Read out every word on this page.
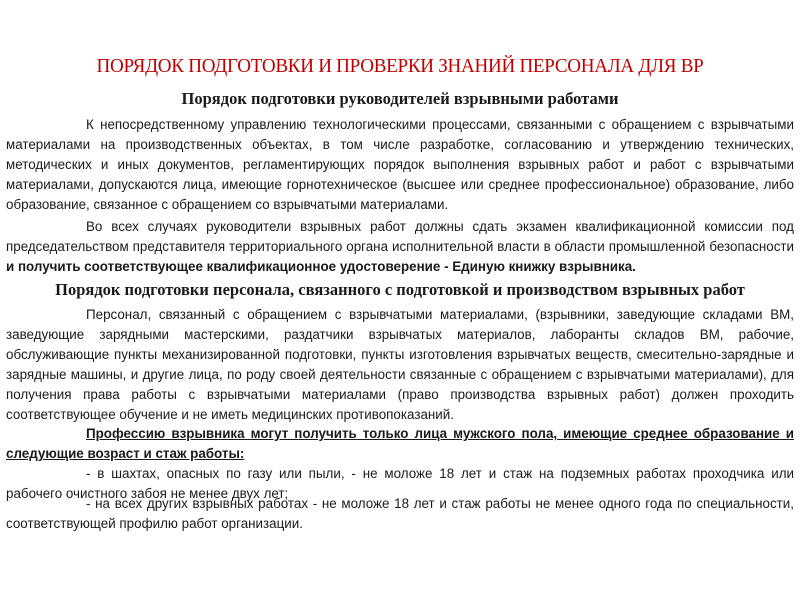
ПОРЯДОК ПОДГОТОВКИ И ПРОВЕРКИ ЗНАНИЙ ПЕРСОНАЛА ДЛЯ ВР
Порядок подготовки руководителей взрывными работами
К непосредственному управлению технологическими процессами, связанными с обращением с взрывчатыми материалами на производственных объектах, в том числе разработке, согласованию и утверждению технических, методических и иных документов, регламентирующих порядок выполнения взрывных работ и работ с взрывчатыми материалами, допускаются лица, имеющие горнотехническое (высшее или среднее профессиональное) образование, либо образование, связанное с обращением со взрывчатыми материалами.
Во всех случаях руководители взрывных работ должны сдать экзамен квалификационной комиссии под председательством представителя территориального органа исполнительной власти в области промышленной безопасности и получить соответствующее квалификационное удостоверение - Единую книжку взрывника.
Порядок подготовки персонала, связанного с подготовкой и производством взрывных работ
Персонал, связанный с обращением с взрывчатыми материалами, (взрывники, заведующие складами ВМ, заведующие зарядными мастерскими, раздатчики взрывчатых материалов, лаборанты складов ВМ, рабочие, обслуживающие пункты механизированной подготовки, пункты изготовления взрывчатых веществ, смесительно-зарядные и зарядные машины, и другие лица, по роду своей деятельности связанные с обращением с взрывчатыми материалами), для получения права работы с взрывчатыми материалами (право производства взрывных работ) должен проходить соответствующее обучение и не иметь медицинских противопоказаний.
Профессию взрывника могут получить только лица мужского пола, имеющие среднее образование и следующие возраст и стаж работы:
- в шахтах, опасных по газу или пыли, - не моложе 18 лет и стаж на подземных работах проходчика или рабочего очистного забоя не менее двух лет;
- на всех других взрывных работах - не моложе 18 лет и стаж работы не менее одного года по специальности, соответствующей профилю работ организации.
